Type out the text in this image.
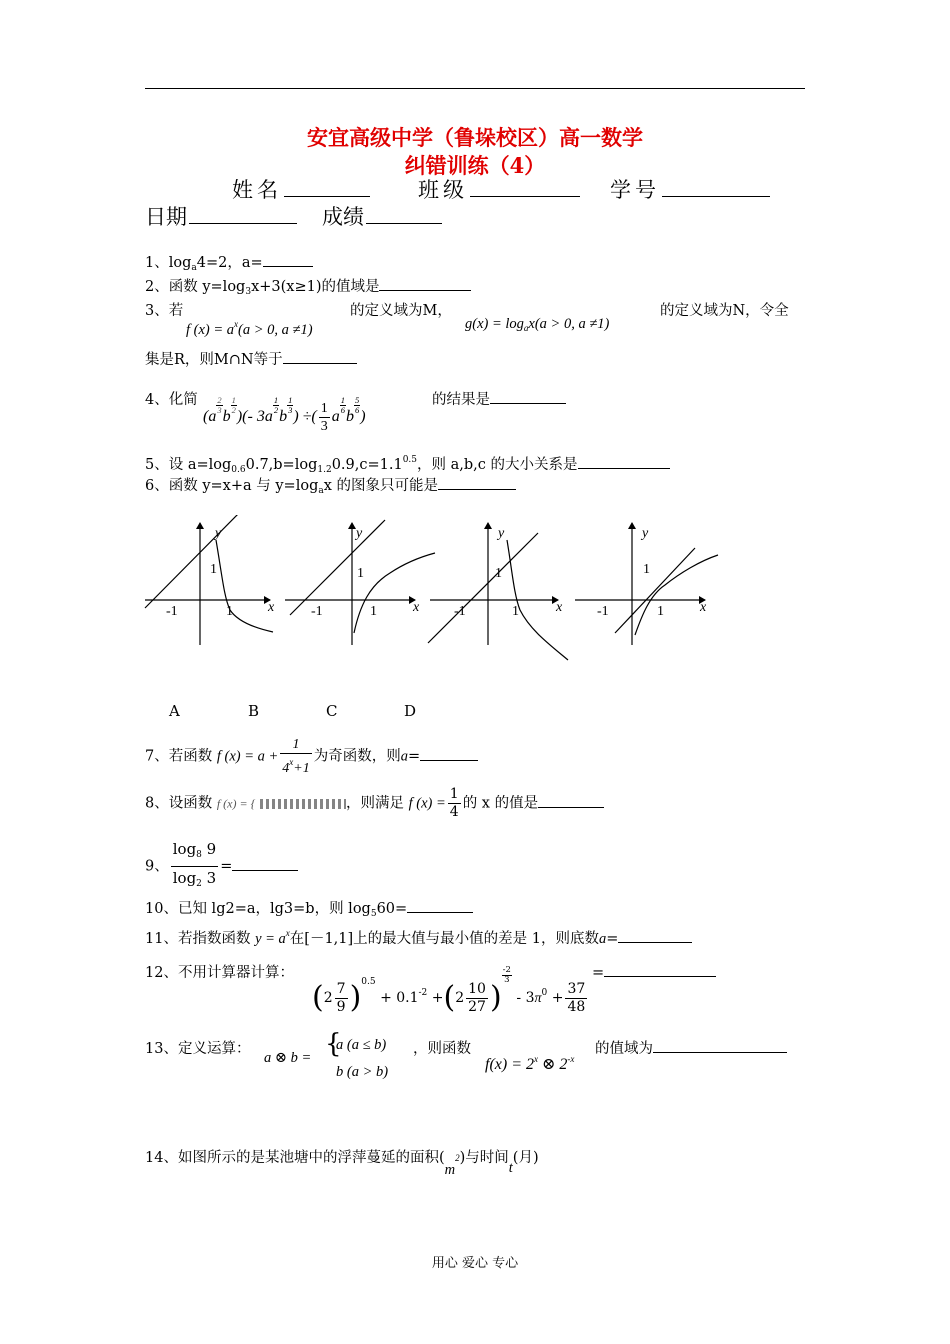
安宜高级中学（鲁垛校区）高一数学
纠错训练（4）
姓名	班级	学号
日期	成绩
1、$\log_a4=2$，a=
2、函数 $y=\log_3x+3(x\ge 1)$的值域是
3、若
f $(x) = a^x(a > 0$, a ≠1)
的定义域为M，
$g(x) = \log_ax(a > 0$, a ≠1)
的定义域为N，令全
集是R，则M∩N等于
4、化简
(a
$\frac{2}{3}$
b
$\frac{1}{2}$
)(- 3a
$\frac{1}{2}$
b
$\frac{1}{3}$
) ÷( $\frac{1}{3}$ a
$\frac{1}{6}$
b
$\frac{5}{6}$
)
的结果是
5、设 $a=\log_{0.6}0.7,b=\log_{1.2}0.9,c=1.1^{0.5}$，则 a,b,c 的大小关系是
6、函数 y=x+a 与 $y=\log_ax$ 的图象只可能是
y
x
-1	1
1
y
x
-1	1
1
y
x
-1	1
1
y
x
-1	1
1
A	B	C	D
7、若函数 f $(x) = a + \frac{1}{4^x+1}$ 为奇函数，则a=
8、设函数 f (x) = {	，则满足 f $(x) = \frac{1}{4}$ 的 x 的值是
9、 $\frac{\log_8 9}{\log_2 3}$ =
10、已知 lg2=a，lg3=b，则 $\log_560=$
11、若指数函数 $y = a^x$在[－1,1]上的最大值与最小值的差是 1，则底数a=
12、不用计算器计算：
$(2 \frac{7}{9} )^{0.5} + 0.1^{-2} +(2 \frac{10}{27}$ )
$\frac{-2}{3}$
- $3\pi^0 + \frac{37}{48}$
=
13、定义运算：
a ⊗ b = {
a (a ≤ b)
b (a > b)
，则函数
$f(x) = 2^x$ ⊗ $2^{-x}$
的值域为
14、如图所示的是某池塘中的浮萍蔓延的面积$(m^2)$与时间t(月)
用心 爱心 专心
